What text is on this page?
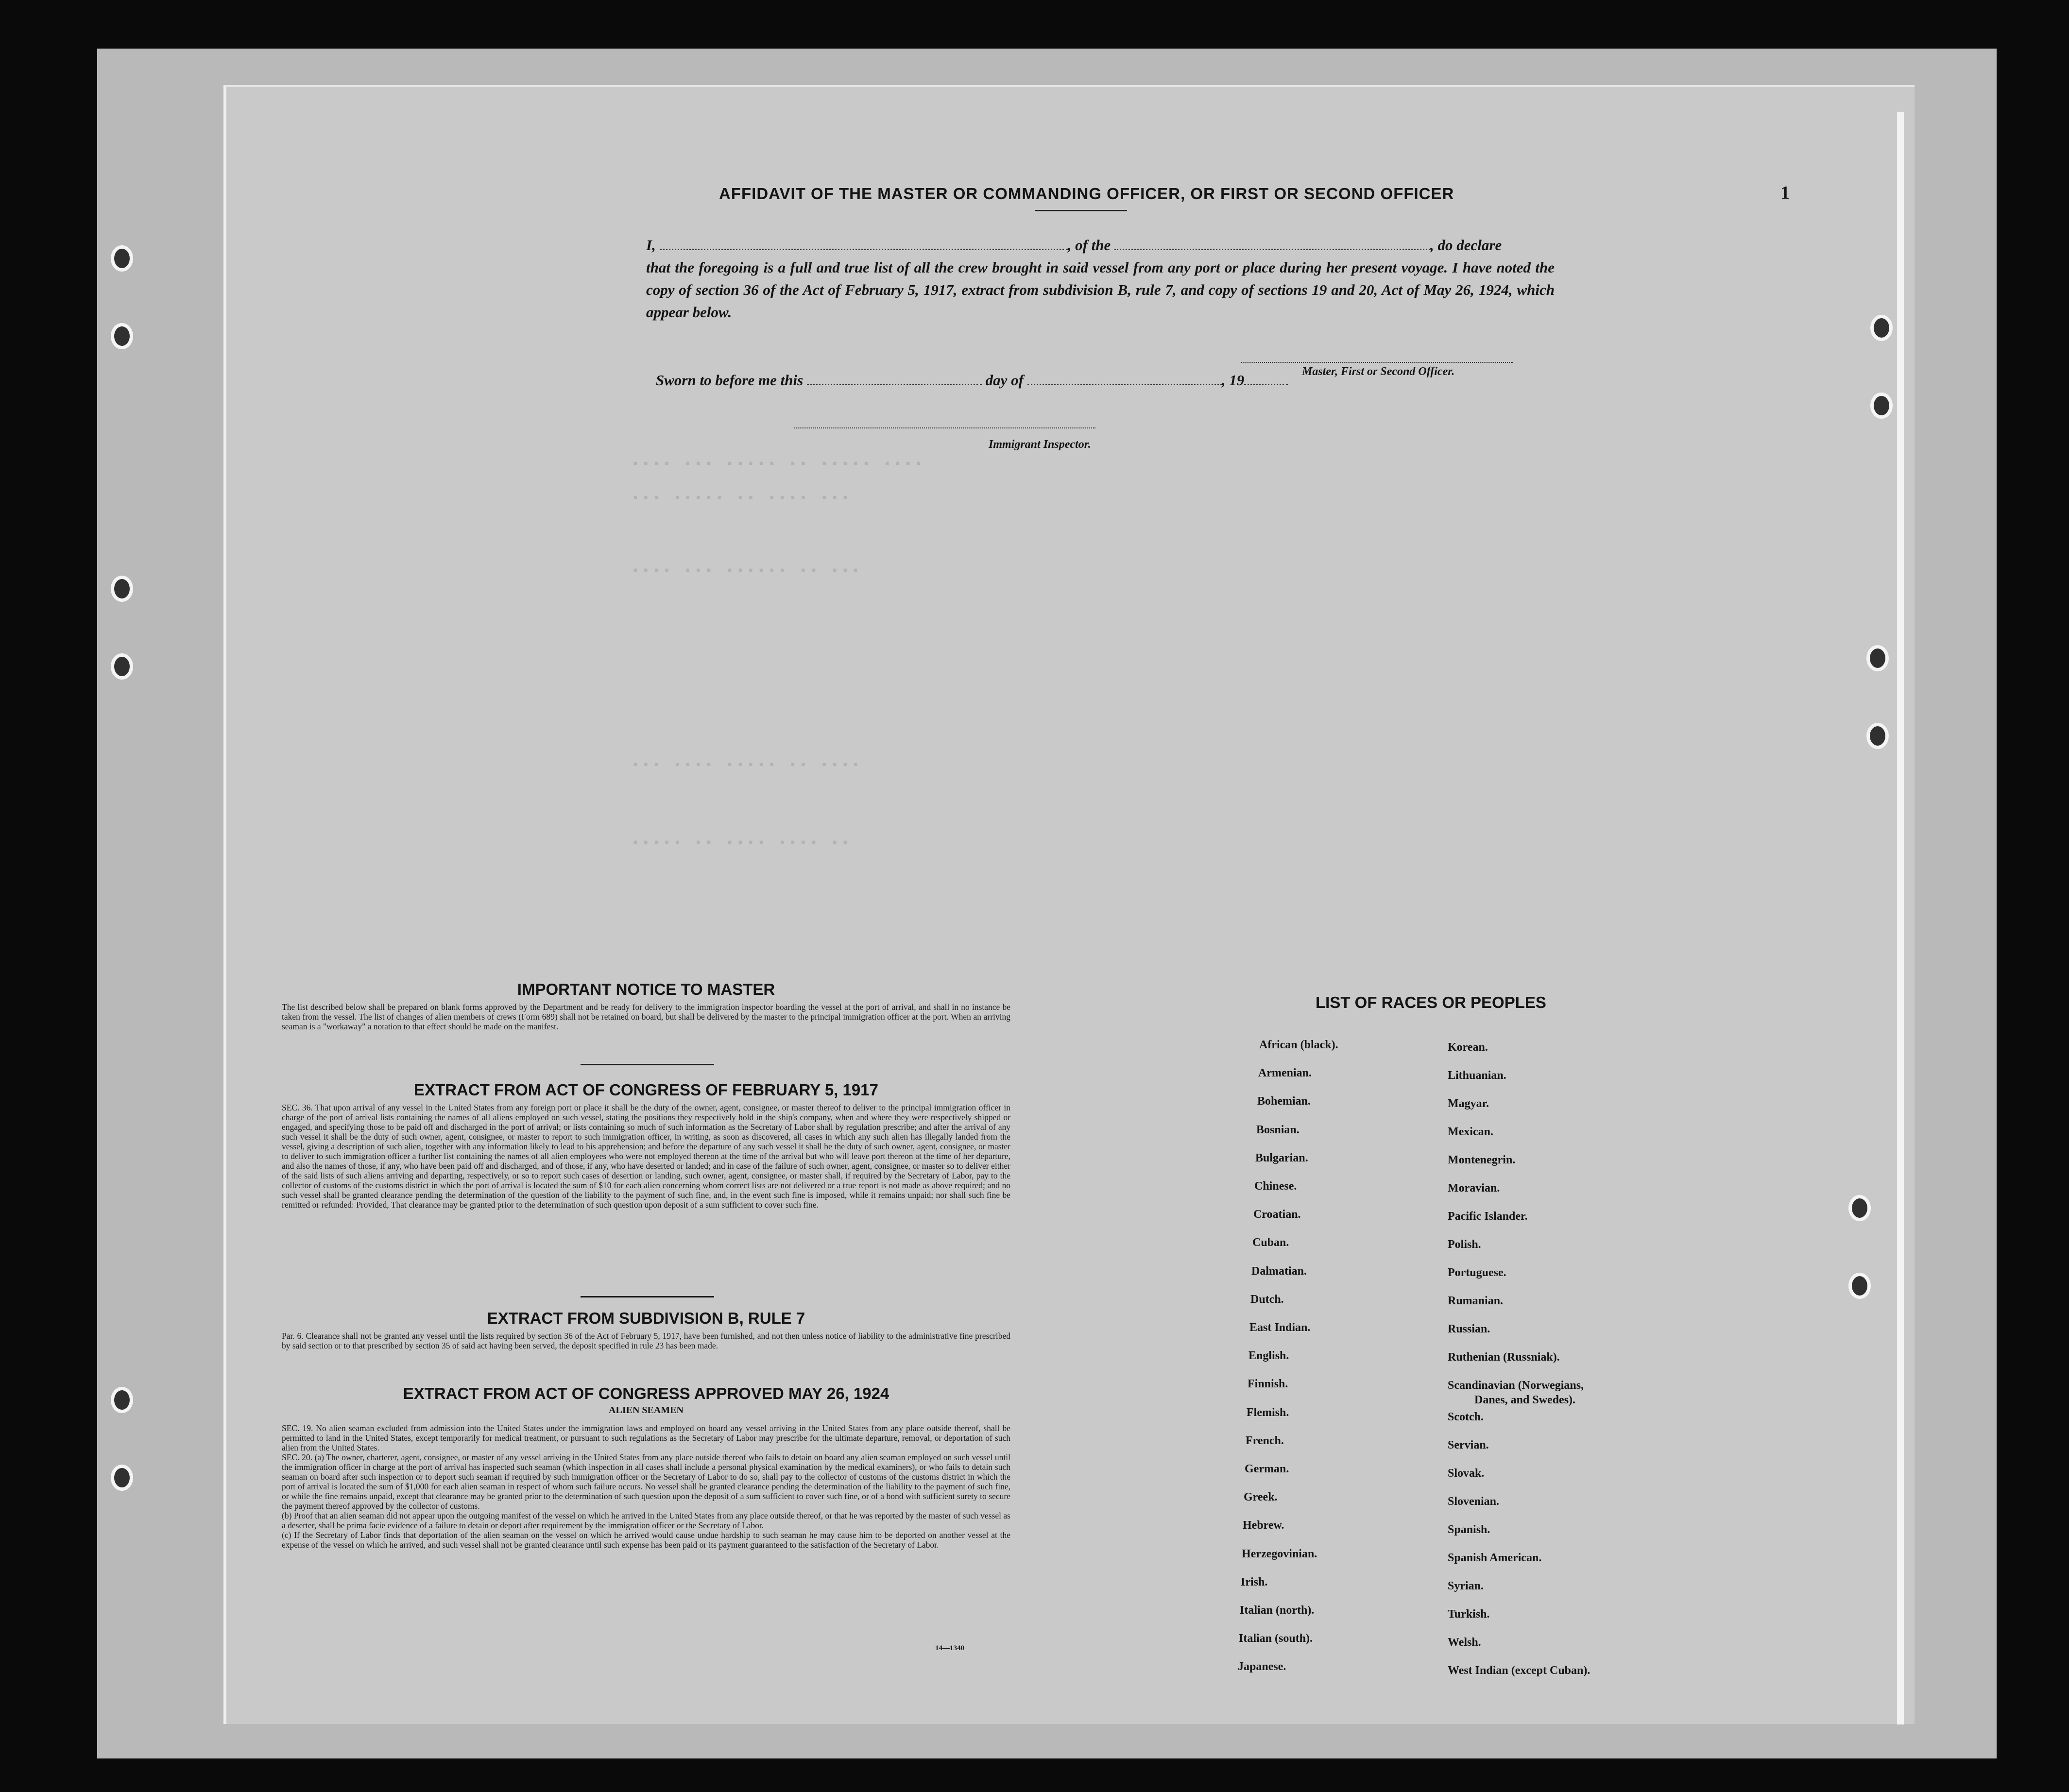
▪▪▪▪ ▪▪▪ ▪▪▪▪▪ ▪▪ ▪▪▪▪▪ ▪▪▪▪
▪▪▪ ▪▪▪▪▪ ▪▪ ▪▪▪▪ ▪▪▪
▪▪▪▪ ▪▪▪ ▪▪▪▪▪▪ ▪▪ ▪▪▪
▪▪▪ ▪▪▪▪ ▪▪▪▪▪ ▪▪ ▪▪▪▪
▪▪▪▪▪ ▪▪ ▪▪▪▪ ▪▪▪▪ ▪▪
1
AFFIDAVIT OF THE MASTER OR COMMANDING OFFICER, OR FIRST OR SECOND OFFICER
I,	, of the	, do declare
that the foregoing is a full and true list of all the crew brought in said vessel from any port or place during her present voyage. I have noted the copy of section 36 of the Act of February 5, 1917, extract from subdivision B, rule 7, and copy of sections 19 and 20, Act of May 26, 1924, which appear below.
Master, First or Second Officer.
Sworn to before me this	day of	, 19
Immigrant Inspector.
IMPORTANT NOTICE TO MASTER
The list described below shall be prepared on blank forms approved by the Department and be ready for delivery to the immigration inspector boarding the vessel at the port of arrival, and shall in no instance be taken from the vessel. The list of changes of alien members of crews (Form 689) shall not be retained on board, but shall be delivered by the master to the principal immigration officer at the port. When an arriving seaman is a "workaway" a notation to that effect should be made on the manifest.
EXTRACT FROM ACT OF CONGRESS OF FEBRUARY 5, 1917
SEC. 36. That upon arrival of any vessel in the United States from any foreign port or place it shall be the duty of the owner, agent, consignee, or master thereof to deliver to the principal immigration officer in charge of the port of arrival lists containing the names of all aliens employed on such vessel, stating the positions they respectively hold in the ship's company, when and where they were respectively shipped or engaged, and specifying those to be paid off and discharged in the port of arrival; or lists containing so much of such information as the Secretary of Labor shall by regulation prescribe; and after the arrival of any such vessel it shall be the duty of such owner, agent, consignee, or master to report to such immigration officer, in writing, as soon as discovered, all cases in which any such alien has illegally landed from the vessel, giving a description of such alien, together with any information likely to lead to his apprehension; and before the departure of any such vessel it shall be the duty of such owner, agent, consignee, or master to deliver to such immigration officer a further list containing the names of all alien employees who were not employed thereon at the time of the arrival but who will leave port thereon at the time of her departure, and also the names of those, if any, who have been paid off and discharged, and of those, if any, who have deserted or landed; and in case of the failure of such owner, agent, consignee, or master so to deliver either of the said lists of such aliens arriving and departing, respectively, or so to report such cases of desertion or landing, such owner, agent, consignee, or master shall, if required by the Secretary of Labor, pay to the collector of customs of the customs district in which the port of arrival is located the sum of $10 for each alien concerning whom correct lists are not delivered or a true report is not made as above required; and no such vessel shall be granted clearance pending the determination of the question of the liability to the payment of such fine, and, in the event such fine is imposed, while it remains unpaid; nor shall such fine be remitted or refunded: Provided, That clearance may be granted prior to the determination of such question upon deposit of a sum sufficient to cover such fine.
EXTRACT FROM SUBDIVISION B, RULE 7
Par. 6. Clearance shall not be granted any vessel until the lists required by section 36 of the Act of February 5, 1917, have been furnished, and not then unless notice of liability to the administrative fine prescribed by said section or to that prescribed by section 35 of said act having been served, the deposit specified in rule 23 has been made.
EXTRACT FROM ACT OF CONGRESS APPROVED MAY 26, 1924
ALIEN SEAMEN
SEC. 19. No alien seaman excluded from admission into the United States under the immigration laws and employed on board any vessel arriving in the United States from any place outside thereof, shall be permitted to land in the United States, except temporarily for medical treatment, or pursuant to such regulations as the Secretary of Labor may prescribe for the ultimate departure, removal, or deportation of such alien from the United States.
SEC. 20. (a) The owner, charterer, agent, consignee, or master of any vessel arriving in the United States from any place outside thereof who fails to detain on board any alien seaman employed on such vessel until the immigration officer in charge at the port of arrival has inspected such seaman (which inspection in all cases shall include a personal physical examination by the medical examiners), or who fails to detain such seaman on board after such inspection or to deport such seaman if required by such immigration officer or the Secretary of Labor to do so, shall pay to the collector of customs of the customs district in which the port of arrival is located the sum of $1,000 for each alien seaman in respect of whom such failure occurs. No vessel shall be granted clearance pending the determination of the liability to the payment of such fine, or while the fine remains unpaid, except that clearance may be granted prior to the determination of such question upon the deposit of a sum sufficient to cover such fine, or of a bond with sufficient surety to secure the payment thereof approved by the collector of customs.
(b) Proof that an alien seaman did not appear upon the outgoing manifest of the vessel on which he arrived in the United States from any place outside thereof, or that he was reported by the master of such vessel as a deserter, shall be prima facie evidence of a failure to detain or deport after requirement by the immigration officer or the Secretary of Labor.
(c) If the Secretary of Labor finds that deportation of the alien seaman on the vessel on which he arrived would cause undue hardship to such seaman he may cause him to be deported on another vessel at the expense of the vessel on which he arrived, and such vessel shall not be granted clearance until such expense has been paid or its payment guaranteed to the satisfaction of the Secretary of Labor.
14—1340
LIST OF RACES OR PEOPLES
African (black).
Armenian.
Bohemian.
Bosnian.
Bulgarian.
Chinese.
Croatian.
Cuban.
Dalmatian.
Dutch.
East Indian.
English.
Finnish.
Flemish.
French.
German.
Greek.
Hebrew.
Herzegovinian.
Irish.
Italian (north).
Italian (south).
Japanese.
Korean.
Lithuanian.
Magyar.
Mexican.
Montenegrin.
Moravian.
Pacific Islander.
Polish.
Portuguese.
Rumanian.
Russian.
Ruthenian (Russniak).
Scandinavian (Norwegians,
Danes, and Swedes).
Scotch.
Servian.
Slovak.
Slovenian.
Spanish.
Spanish American.
Syrian.
Turkish.
Welsh.
West Indian (except Cuban).
